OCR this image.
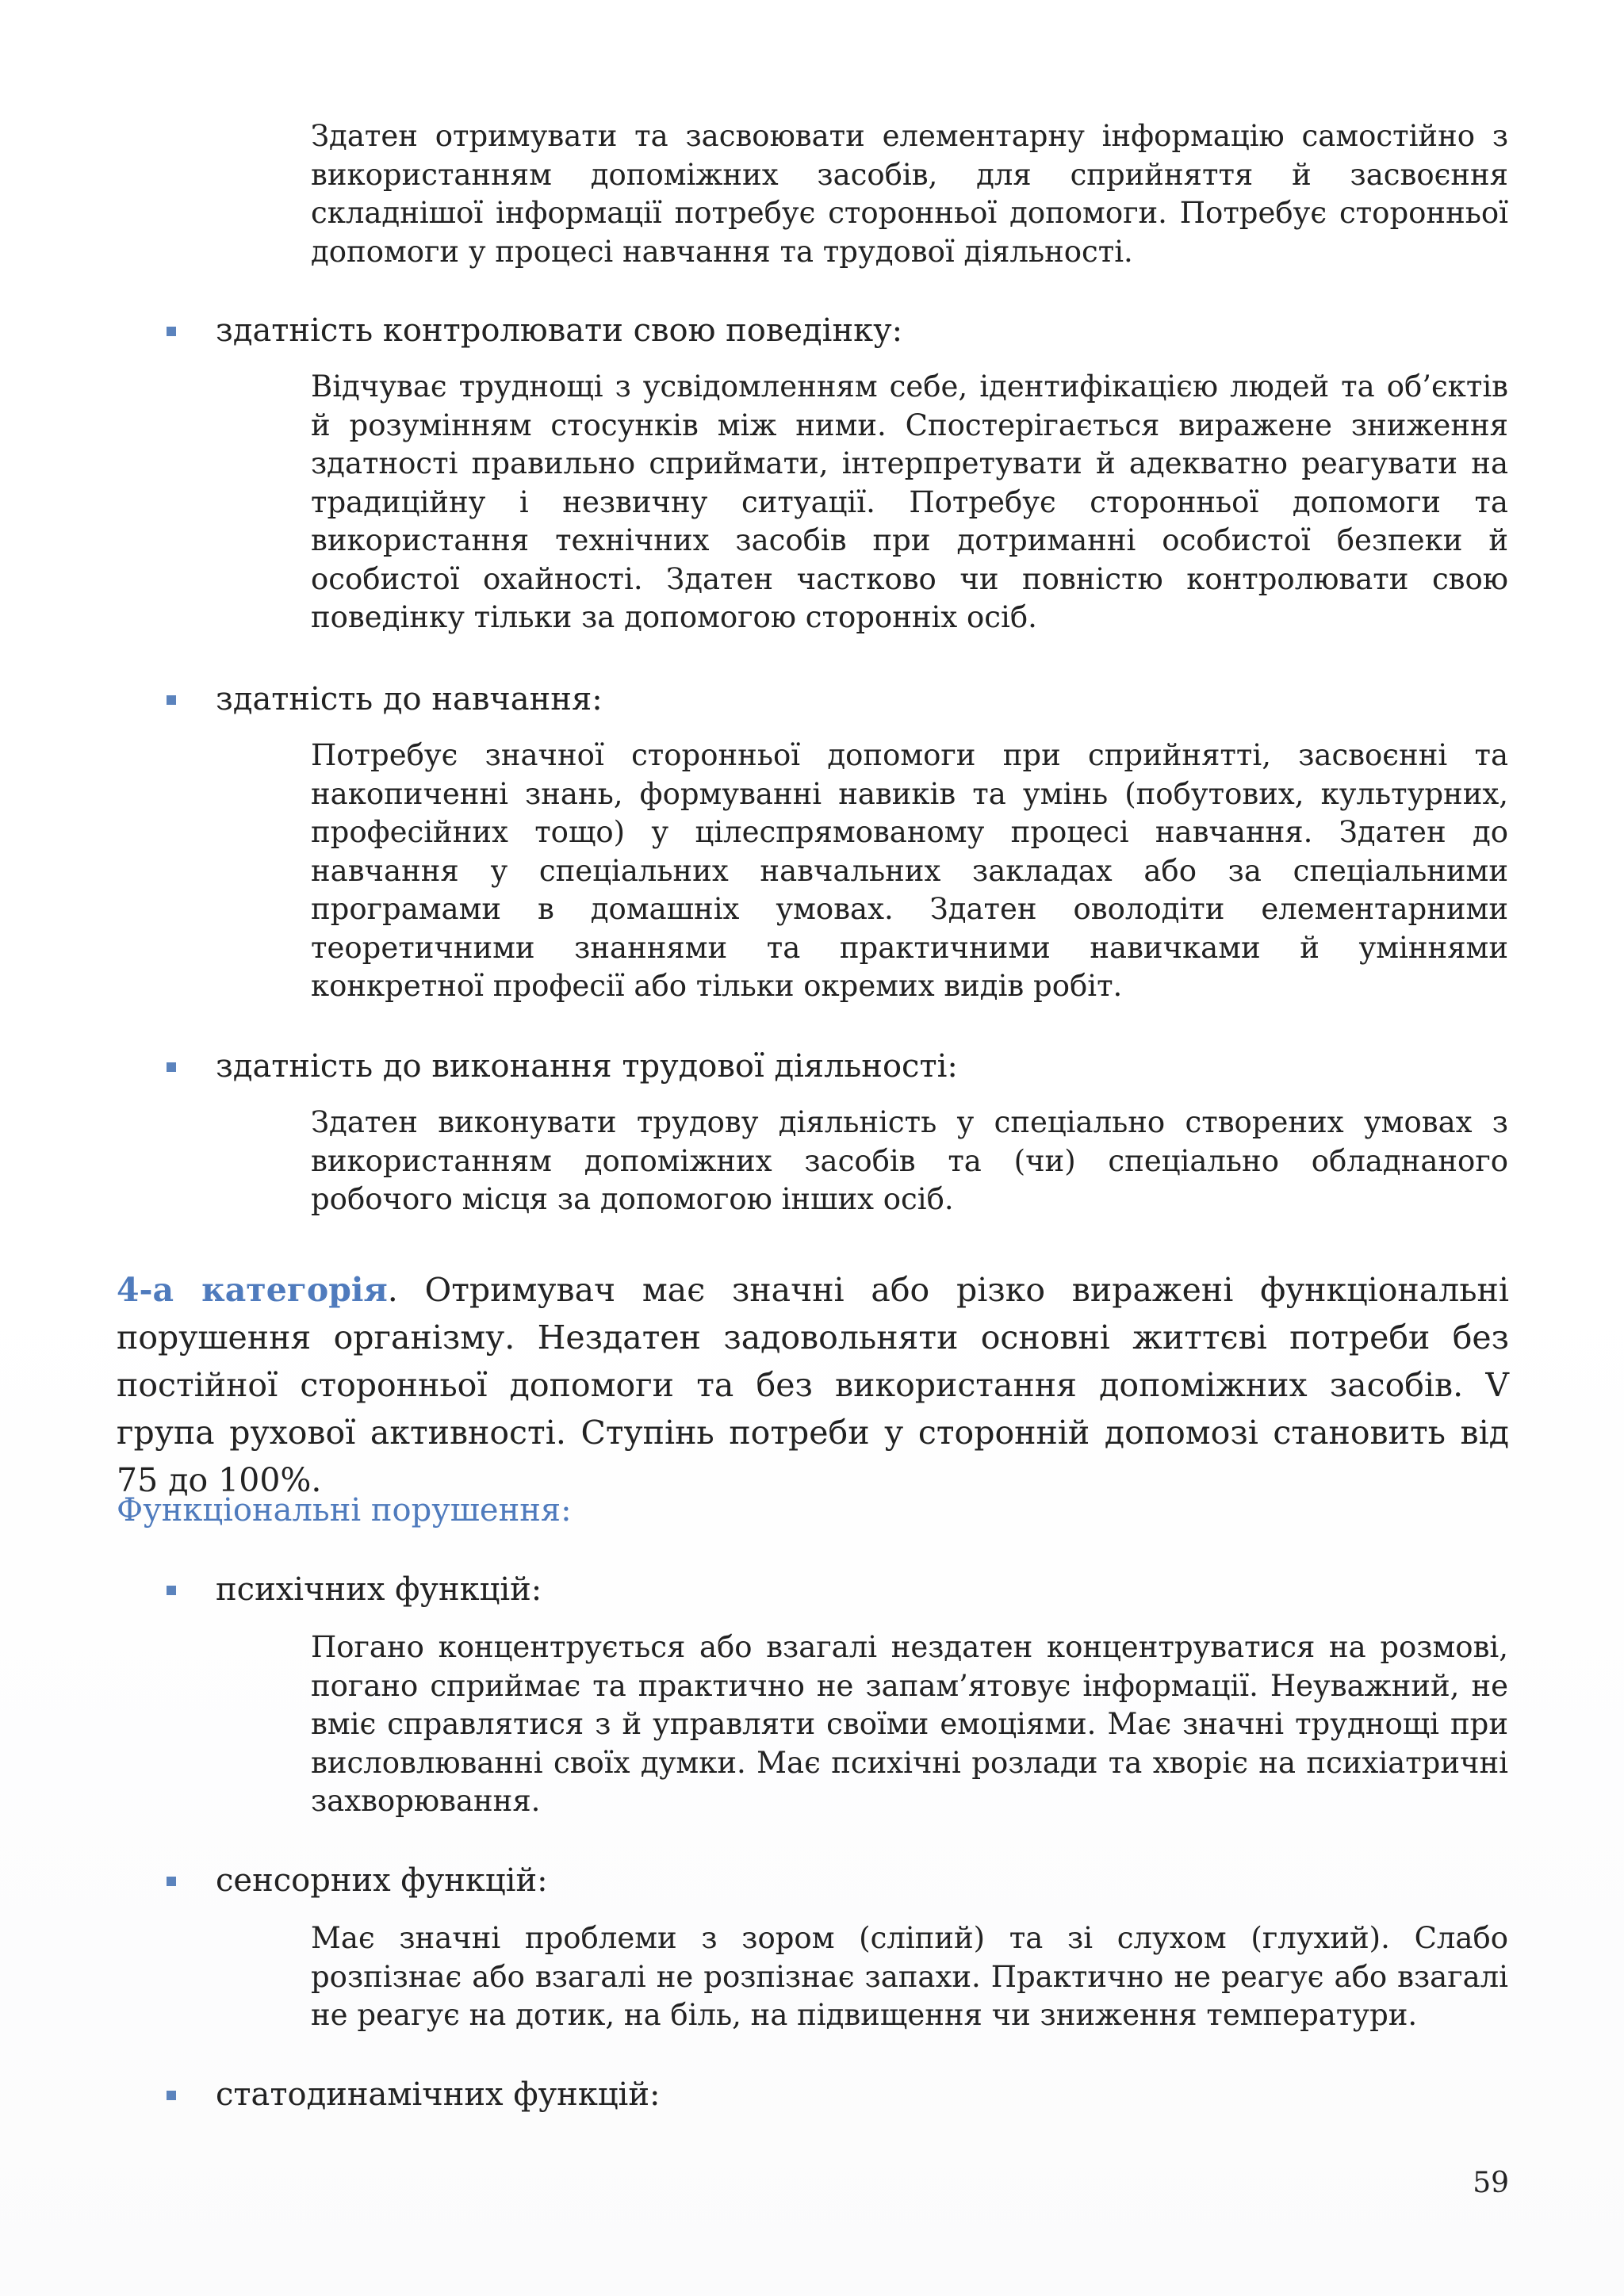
Здатен отримувати та засвоювати елементарну інформацію самостійно з використанням допоміжних засобів, для сприйняття й засвоєння складнішої інформації потребує сторонньої допомоги. Потребує сторонньої допомоги у процесі навчання та трудової діяльності.
здатність контролювати свою поведінку:
Відчуває труднощі з усвідомленням себе, ідентифікацією людей та об’єктів й розумінням стосунків між ними. Спостерігається виражене зниження здатності правильно сприймати, інтерпретувати й адекватно реагувати на традиційну і незвичну ситуації. Потребує сторонньої допомоги та використання технічних засобів при дотриманні особистої безпеки й особистої охайності. Здатен частково чи повністю контролювати свою поведінку тільки за допомогою сторонніх осіб.
здатність до навчання:
Потребує значної сторонньої допомоги при сприйнятті, засвоєнні та накопиченні знань, формуванні навиків та умінь (побутових, культурних, професійних тощо) у цілеспрямованому процесі навчання. Здатен до навчання у спеціальних навчальних закладах або за спеціальними програмами в домашніх умовах. Здатен оволодіти елементарними теоретичними знаннями та практичними навичками й уміннями конкретної професії або тільки окремих видів робіт.
здатність до виконання трудової діяльності:
Здатен виконувати трудову діяльність у спеціально створених умовах з використанням допоміжних засобів та (чи) спеціально обладнаного робочого місця за допомогою інших осіб.
4-а категорія. Отримувач має значні або різко виражені функціональні порушення організму. Нездатен задовольняти основні життєві потреби без постійної сторонньої допомоги та без використання допоміжних засобів. V група рухової активності. Ступінь потреби у сторонній допомозі становить від 75 до 100%.
Функціональні порушення:
психічних функцій:
Погано концентрується або взагалі нездатен концентруватися на розмові, погано сприймає та практично не запам’ятовує інформації. Неуважний, не вміє справлятися з й управляти своїми емоціями. Має значні труднощі при висловлюванні своїх думки. Має психічні розлади та хворіє на психіатричні захворювання.
сенсорних функцій:
Має значні проблеми з зором (сліпий) та зі слухом (глухий). Слабо розпізнає або взагалі не розпізнає запахи. Практично не реагує або взагалі не реагує на дотик, на біль, на підвищення чи зниження температури.
статодинамічних функцій:
59
